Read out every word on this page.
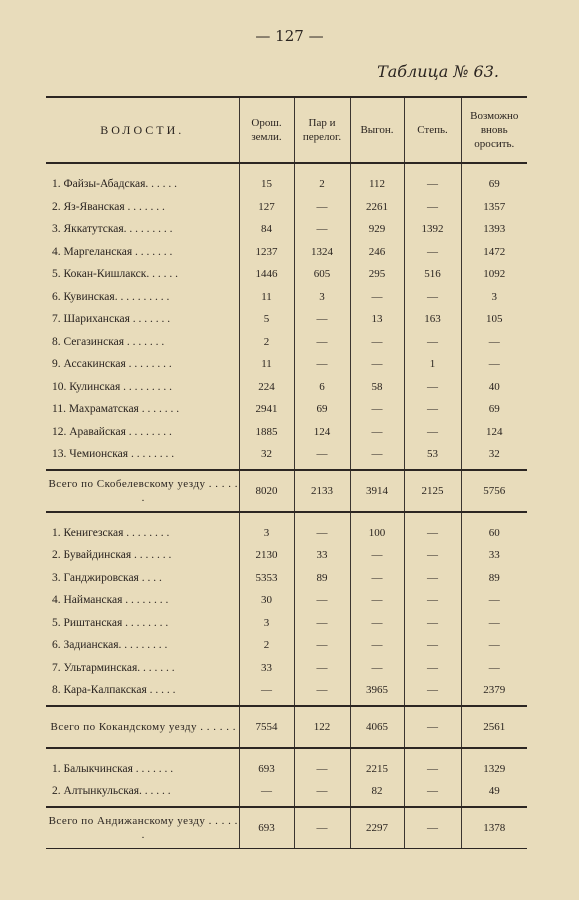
— 127 —
Таблица № 63.
ВОЛОСТИ.	Орош. земли.	Пар и перелог.	Выгон.	Степь.	Возможно вновь оросить.
1. Файзы-Абадская. . . . . .	15	2	112	—	69
2. Яз-Яванская . . . . . . .	127	—	2261	—	1357
3. Яккатутская. . . . . . . . .	84	—	929	1392	1393
4. Маргеланская . . . . . . .	1237	1324	246	—	1472
5. Кокан-Кишлакск. . . . . .	1446	605	295	516	1092
6. Кувинская. . . . . . . . . .	11	3	—	—	3
7. Шариханская . . . . . . .	5	—	13	163	105
8. Сегазинская . . . . . . .	2	—	—	—	—
9. Ассакинская . . . . . . . .	11	—	—	1	—
10. Кулинская . . . . . . . . .	224	6	58	—	40
11. Махраматская . . . . . . .	2941	69	—	—	69
12. Аравайская . . . . . . . .	1885	124	—	—	124
13. Чемионская . . . . . . . .	32	—	—	53	32
Всего по Скобелевскому уезду . . . . . .	8020	2133	3914	2125	5756
1. Кенигезская . . . . . . . .	3	—	100	—	60
2. Бувайдинская . . . . . . .	2130	33	—	—	33
3. Ганджировская . . . .	5353	89	—	—	89
4. Найманская . . . . . . . .	30	—	—	—	—
5. Риштанская . . . . . . . .	3	—	—	—	—
6. Задианская. . . . . . . . .	2	—	—	—	—
7. Ультарминская. . . . . . .	33	—	—	—	—
8. Кара-Калпакская . . . . .	—	—	3965	—	2379
Всего по Кокандскому уезду . . . . . .	7554	122	4065	—	2561
1. Балыкчинская . . . . . . .	693	—	2215	—	1329
2. Алтынкульская. . . . . .	—	—	82	—	49
Всего по Андижанскому уезду . . . . . .	693	—	2297	—	1378
